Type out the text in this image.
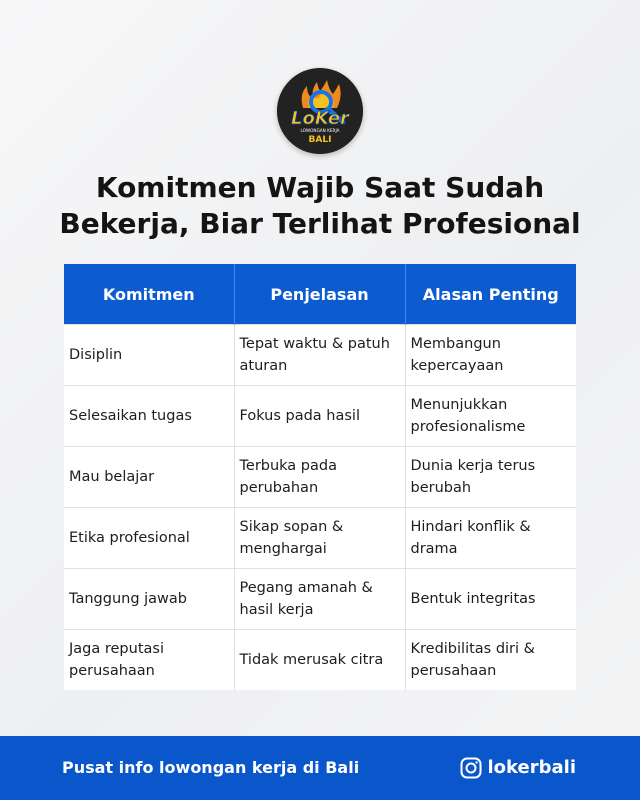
LoKer
LOWONGAN KERJA
BALI
Komitmen Wajib Saat Sudah
Bekerja, Biar Terlihat Profesional
Komitmen	Penjelasan	Alasan Penting
Disiplin	Tepat waktu & patuh aturan	Membangun kepercayaan
Selesaikan tugas	Fokus pada hasil	Menunjukkan profesionalisme
Mau belajar	Terbuka pada perubahan	Dunia kerja terus berubah
Etika profesional	Sikap sopan & menghargai	Hindari konflik & drama
Tanggung jawab	Pegang amanah & hasil kerja	Bentuk integritas
Jaga reputasi perusahaan	Tidak merusak citra	Kredibilitas diri & perusahaan
Pusat info lowongan kerja di Bali	lokerbali
